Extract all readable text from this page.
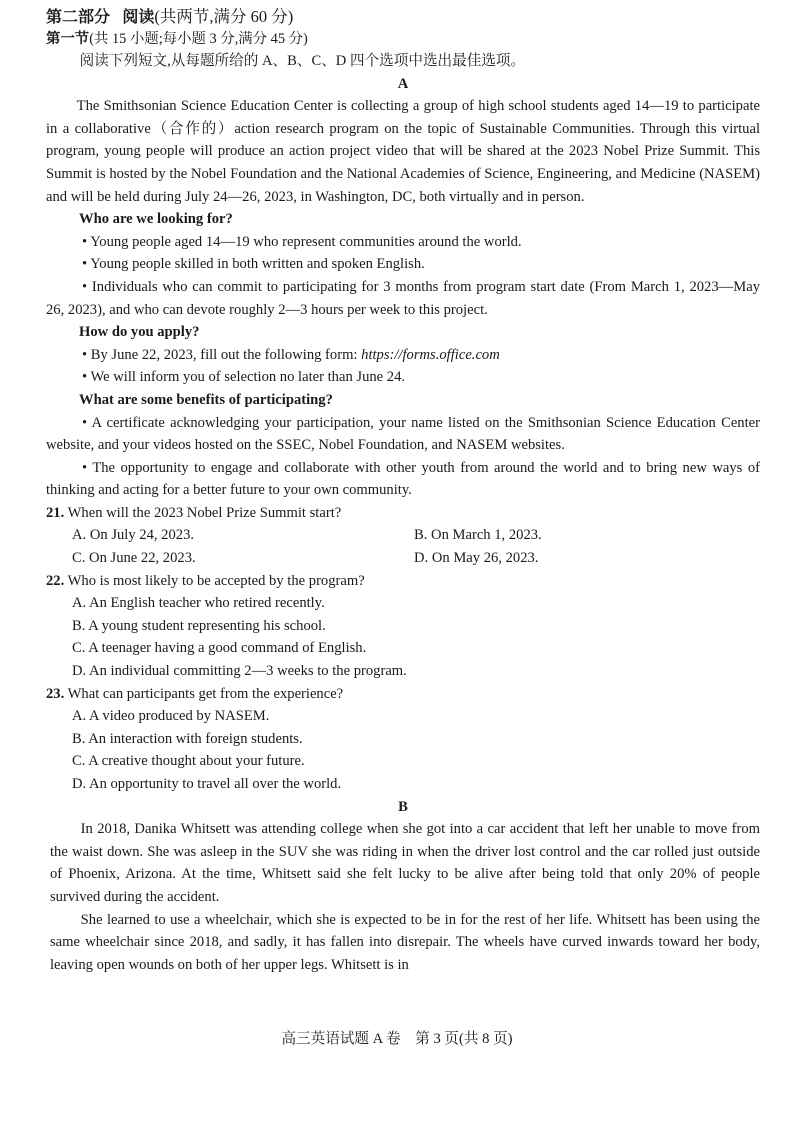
第二部分 阅读(共两节,满分 60 分)

第一节(共 15 小题;每小题 3 分,满分 45 分)

阅读下列短文,从每题所给的 A、B、C、D 四个选项中选出最佳选项。

A

The Smithsonian Science Education Center is collecting a group of high school students aged 14—19 to participate in a collaborative（合作的）action research program on the topic of Sustainable Communities. Through this virtual program, young people will produce an action project video that will be shared at the 2023 Nobel Prize Summit. This Summit is hosted by the Nobel Foundation and the National Academies of Science, Engineering, and Medicine (NASEM) and will be held during July 24—26, 2023, in Washington, DC, both virtually and in person.

Who are we looking for?

• Young people aged 14—19 who represent communities around the world.

• Young people skilled in both written and spoken English.

• Individuals who can commit to participating for 3 months from program start date (From March 1, 2023—May 26, 2023), and who can devote roughly 2—3 hours per week to this project.

How do you apply?

• By June 22, 2023, fill out the following form: https://forms.office.com

• We will inform you of selection no later than June 24.

What are some benefits of participating?

• A certificate acknowledging your participation, your name listed on the Smithsonian Science Education Center website, and your videos hosted on the SSEC, Nobel Foundation, and NASEM websites.

• The opportunity to engage and collaborate with other youth from around the world and to bring new ways of thinking and acting for a better future to your own community.

21. When will the 2023 Nobel Prize Summit start?

A. On July 24, 2023.	B. On March 1, 2023.
C. On June 22, 2023.	D. On May 26, 2023.

22. Who is most likely to be accepted by the program?

A. An English teacher who retired recently.

B. A young student representing his school.

C. A teenager having a good command of English.

D. An individual committing 2—3 weeks to the program.

23. What can participants get from the experience?

A. A video produced by NASEM.

B. An interaction with foreign students.

C. A creative thought about your future.

D. An opportunity to travel all over the world.

B

In 2018, Danika Whitsett was attending college when she got into a car accident that left her unable to move from the waist down. She was asleep in the SUV she was riding in when the driver lost control and the car rolled just outside of Phoenix, Arizona. At the time, Whitsett said she felt lucky to be alive after being told that only 20% of people survived during the accident.

She learned to use a wheelchair, which she is expected to be in for the rest of her life. Whitsett has been using the same wheelchair since 2018, and sadly, it has fallen into disrepair. The wheels have curved inwards toward her body, leaving open wounds on both of her upper legs. Whitsett is in

高三英语试题 A 卷　第 3 页(共 8 页)
